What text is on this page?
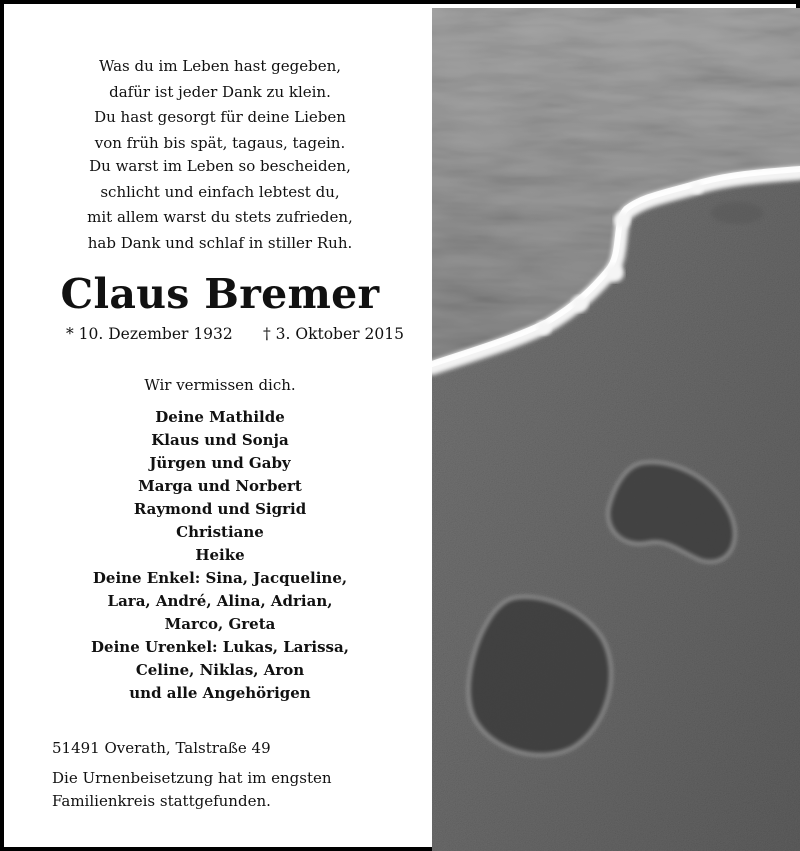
Was du im Leben hast gegeben,
dafür ist jeder Dank zu klein.
Du hast gesorgt für deine Lieben
von früh bis spät, tagaus, tagein.
Du warst im Leben so bescheiden,
schlicht und einfach lebtest du,
mit allem warst du stets zufrieden,
hab Dank und schlaf in stiller Ruh.
Claus Bremer
* 10. Dezember 1932 † 3. Oktober 2015
Wir vermissen dich.
Deine Mathilde
Klaus und Sonja
Jürgen und Gaby
Marga und Norbert
Raymond und Sigrid
Christiane
Heike
Deine Enkel: Sina, Jacqueline,
Lara, André, Alina, Adrian,
Marco, Greta
Deine Urenkel: Lukas, Larissa,
Celine, Niklas, Aron
und alle Angehörigen
51491 Overath, Talstraße 49
Die Urnenbeisetzung hat im engsten Familienkreis stattgefunden.
